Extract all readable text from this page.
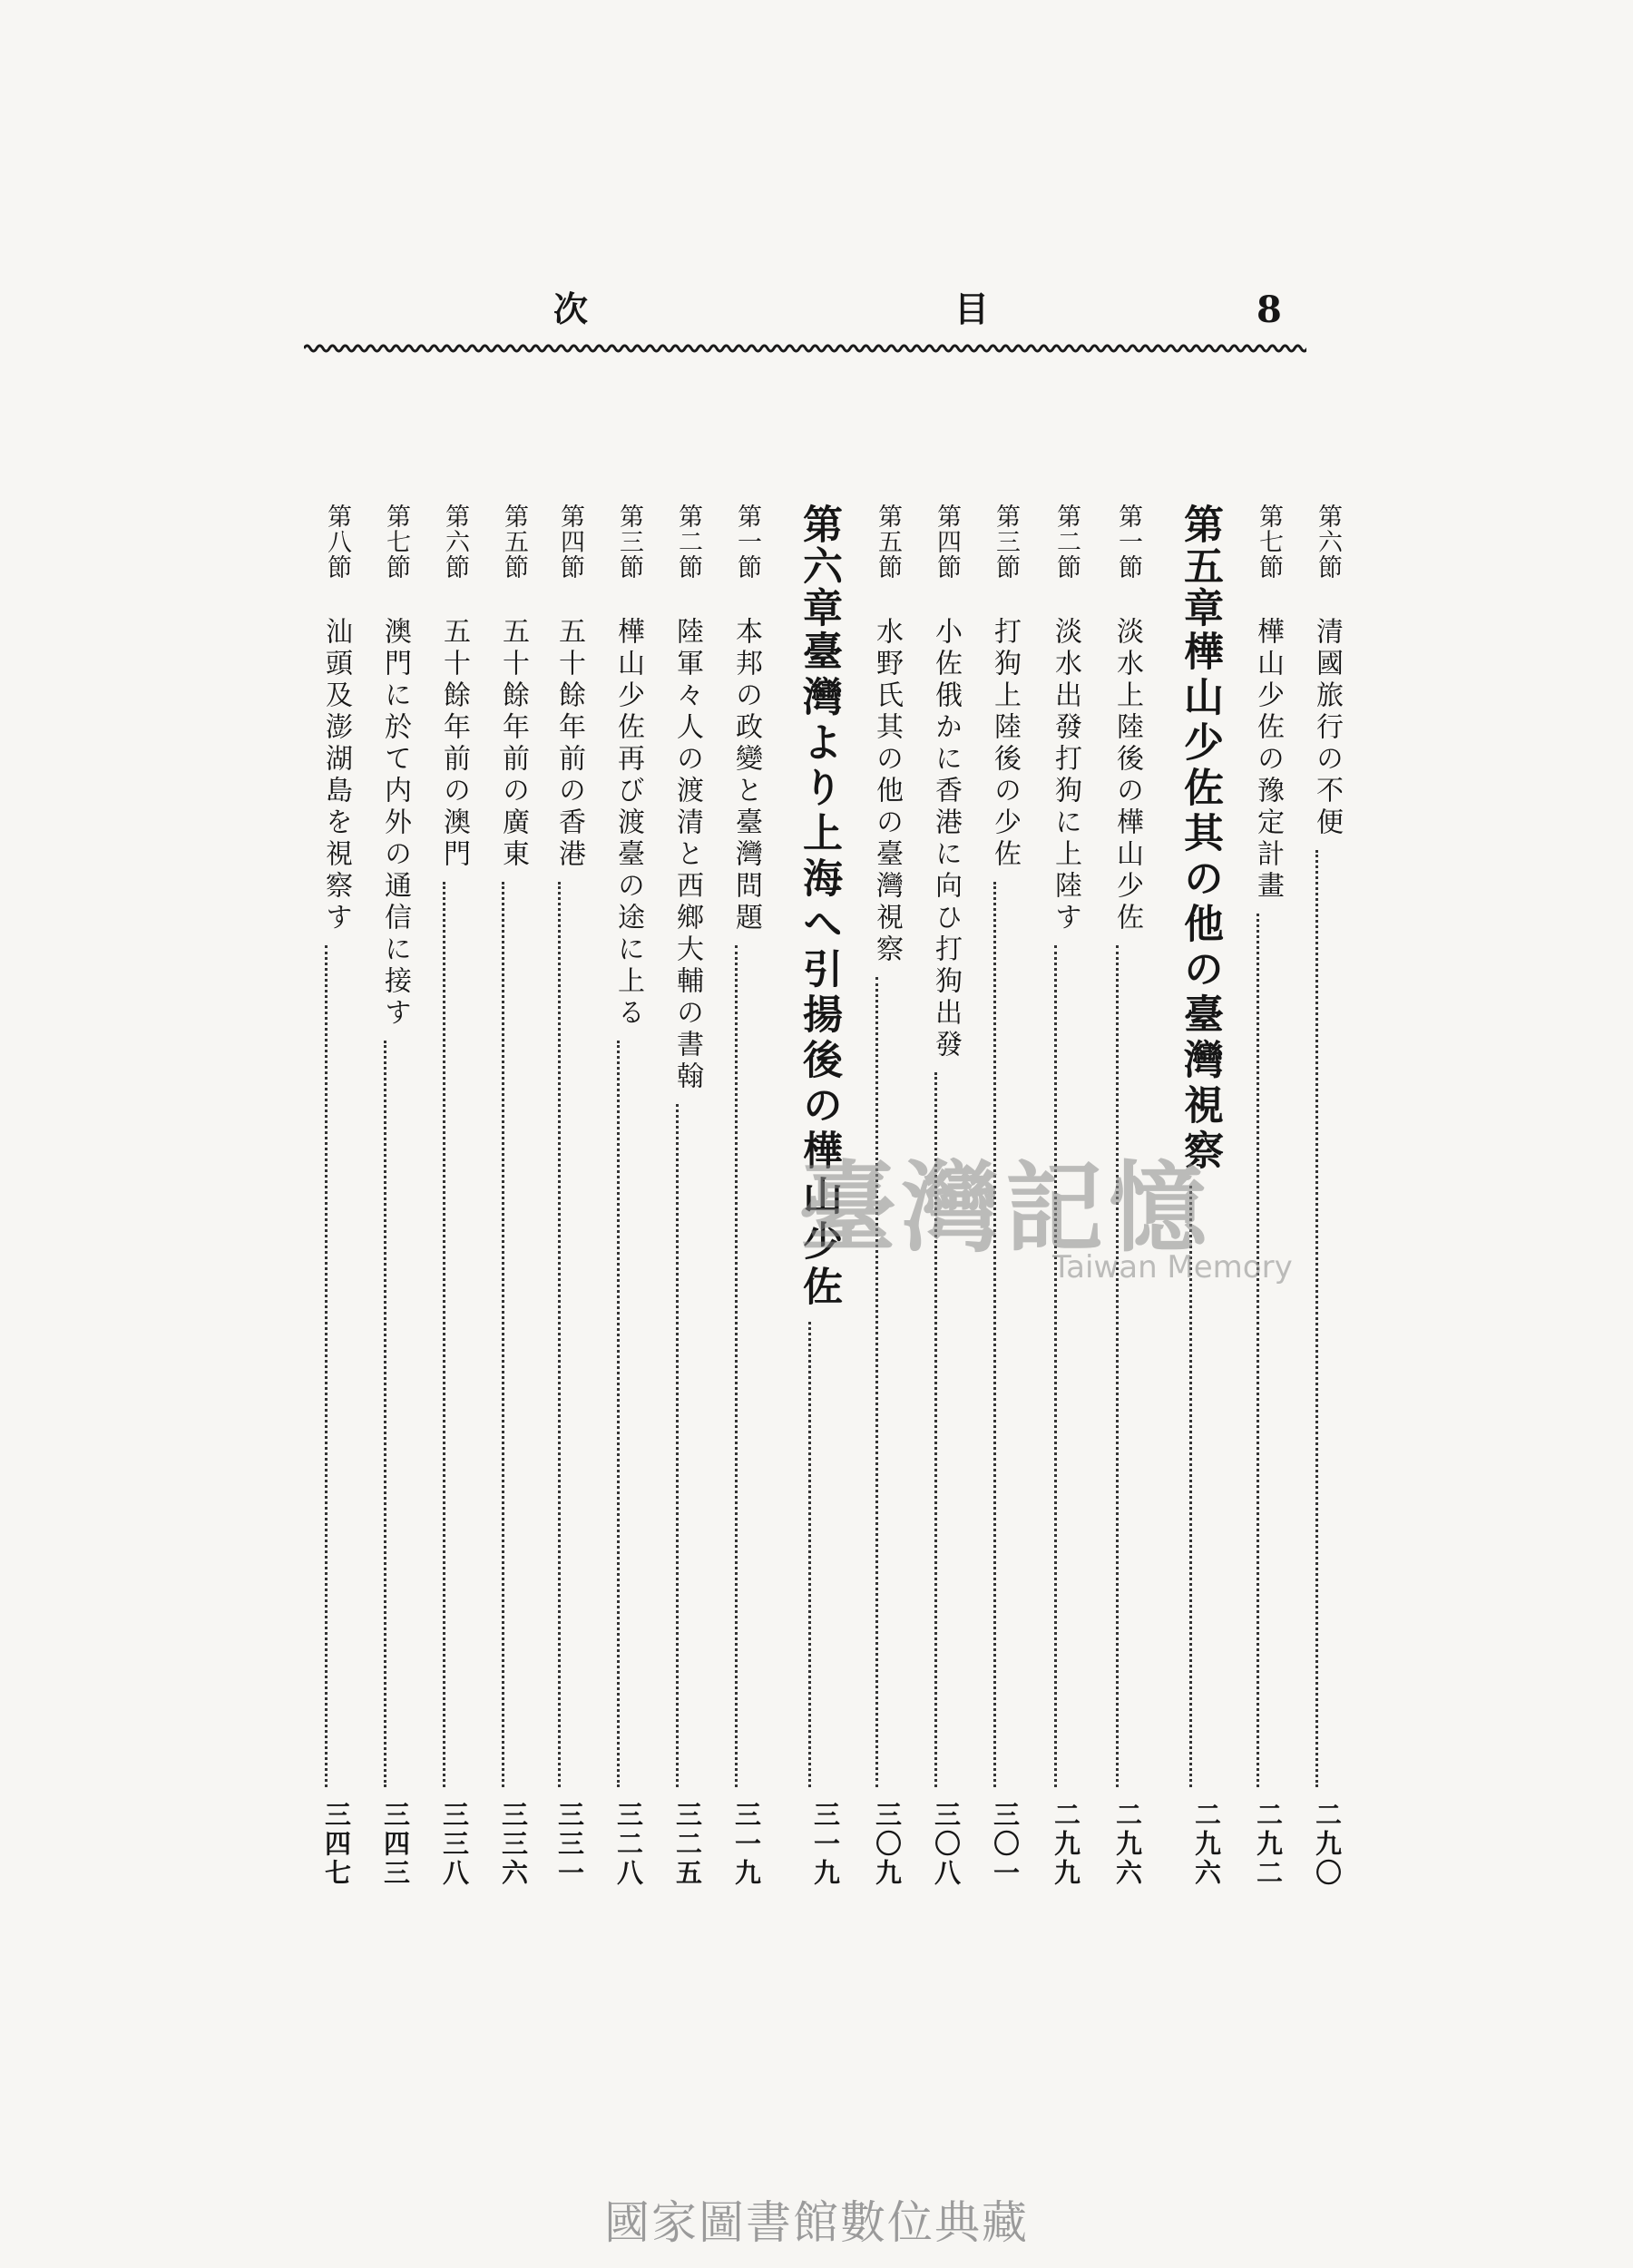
次	目	8
第六節
清國旅行の不便
二九〇
第七節
樺山少佐の豫定計畫
二九二
第五章
樺山少佐其の他の臺灣視察
二九六
第一節
淡水上陸後の樺山少佐
二九六
第二節
淡水出發打狗に上陸す
二九九
第三節
打狗上陸後の少佐
三〇一
第四節
小佐俄かに香港に向ひ打狗出發
三〇八
第五節
水野氏其の他の臺灣視察
三〇九
第六章
臺灣より上海へ引揚後の樺山少佐
三一九
第一節
本邦の政變と臺灣問題
三一九
第二節
陸軍々人の渡清と西鄉大輔の書翰
三二五
第三節
樺山少佐再び渡臺の途に上る
三二八
第四節
五十餘年前の香港
三三一
第五節
五十餘年前の廣東
三三六
第六節
五十餘年前の澳門
三三八
第七節
澳門に於て内外の通信に接す
三四三
第八節
汕頭及澎湖島を視察す
三四七
臺灣記憶
Taiwan Memory
國家圖書館數位典藏
